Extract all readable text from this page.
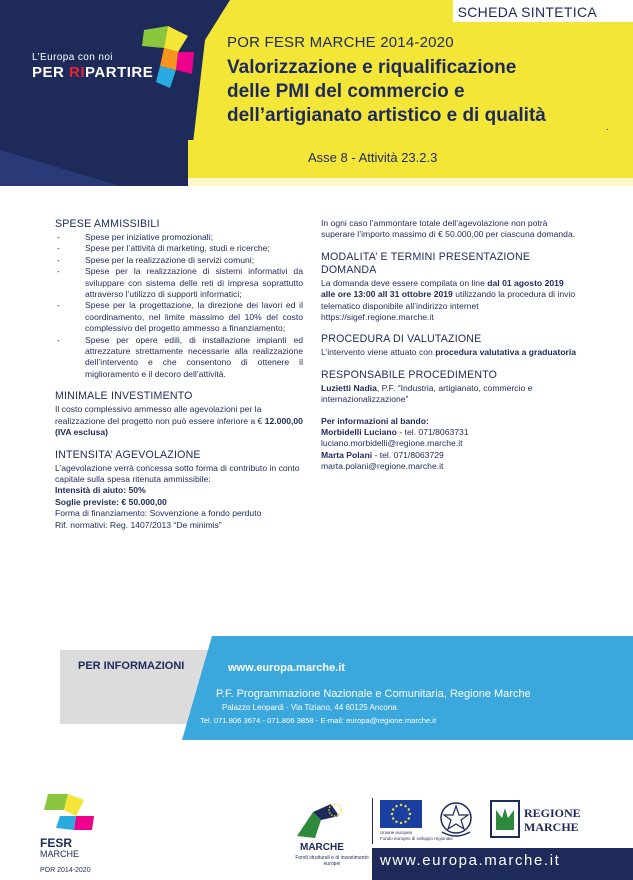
SCHEDA SINTETICA
L’Europa con noi
PER RIPARTIRE
POR FESR MARCHE 2014-2020
Valorizzazione e riqualificazione
delle PMI del commercio e
dell’artigianato artistico e di qualità
.
Asse 8 - Attività 23.2.3
SPESE AMMISSIBILI
- Spese per iniziative promozionali;
- Spese per l’attività di marketing, studi e ricerche;
- Spese per la realizzazione di servizi comuni;
- Spese per la realizzazione di sistemi informativi da sviluppare con sistema delle reti di impresa soprattutto attraverso l’utilizzo di supporti informatici;
- Spese per la progettazione, la direzione dei lavori ed il coordinamento, nel limite massimo del 10% del costo complessivo del progetto ammesso a finanziamento;
- Spese per opere edili, di installazione impianti ed attrezzature strettamente necessarie alla realizzazione dell’intervento e che consentono di ottenere il miglioramento e il decoro dell’attività.
MINIMALE INVESTIMENTO
Il costo complessivo ammesso alle agevolazioni per la realizzazione del progetto non può essere inferiore a € 12.000,00 (IVA esclusa)
INTENSITA’ AGEVOLAZIONE
L’agevolazione verrà concessa sotto forma di contributo in conto capitale sulla spesa ritenuta ammissibile:
Intensità di aiuto: 50%
Soglie previste: € 50.000,00
Forma di finanziamento: Sovvenzione a fondo perduto
Rif. normativi: Reg. 1407/2013 “De minimis”
In ogni caso l’ammontare totale dell’agevolazione non potrà superare l’importo massimo di € 50.000,00 per ciascuna domanda.
MODALITA’ E TERMINI PRESENTAZIONE
DOMANDA
La domanda deve essere compilata on line dal 01 agosto 2019 alle ore 13:00 all 31 ottobre 2019 utilizzando la procedura di invio telematico disponibile all’indirizzo internet https://sigef.regione.marche.it
PROCEDURA DI VALUTAZIONE
L’intervento viene attuato con procedura valutativa a graduatoria
RESPONSABILE PROCEDIMENTO
Luzietti Nadia, P.F. “Industria, artigianato, commercio e internazionalizzazione”
Per informazioni al bando:
Morbidelli Luciano - tel. 071/8063731
luciano.morbidelli@regione.marche.it
Marta Polani - tel. 071/8063729
marta.polani@regione.marche.it
PER INFORMAZIONI	www.europa.marche.it
P.F. Programmazione Nazionale e Comunitaria, Regione Marche
Palazzo Leopardi - Via Tiziano, 44 60125 Ancona
Tel. 071.806 3674 - 071.806 3858 - E-mail: europa@regione.marche.it
FESR
MARCHE
POR 2014-2020
MARCHE
Fondi strutturali e di investimento europei
Unione europea
Fondo europeo di sviluppo regionale
REGIONE
MARCHE
www.europa.marche.it
